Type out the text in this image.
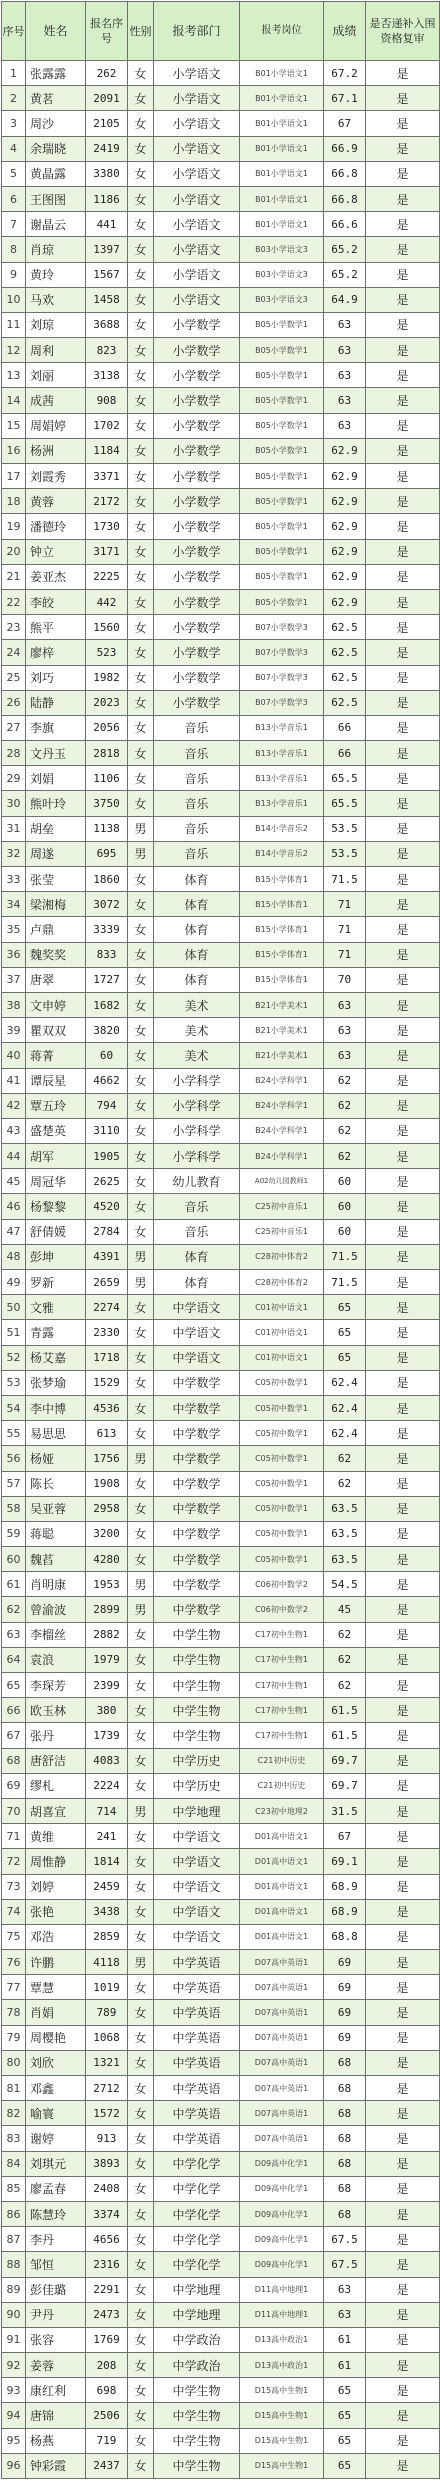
序号	姓名	报名序号	性别	报考部门	报考岗位	成绩	是否递补入围资格复审
1	张露露	262	女	小学语文	B01小学语文1	67.2	是
2	黄茗	2091	女	小学语文	B01小学语文1	67.1	是
3	周沙	2105	女	小学语文	B01小学语文1	67	是
4	余瑞晓	2419	女	小学语文	B01小学语文1	66.9	是
5	黄晶露	3380	女	小学语文	B01小学语文1	66.8	是
6	王图图	1186	女	小学语文	B01小学语文1	66.8	是
7	谢晶云	441	女	小学语文	B01小学语文1	66.6	是
8	肖琼	1397	女	小学语文	B03小学语文3	65.2	是
9	黄玲	1567	女	小学语文	B03小学语文3	65.2	是
10	马欢	1458	女	小学语文	B03小学语文3	64.9	是
11	刘琼	3688	女	小学数学	B05小学数学1	63	是
12	周利	823	女	小学数学	B05小学数学1	63	是
13	刘丽	3138	女	小学数学	B05小学数学1	63	是
14	成茜	908	女	小学数学	B05小学数学1	63	是
15	周娟婷	1702	女	小学数学	B05小学数学1	63	是
16	杨洲	1184	女	小学数学	B05小学数学1	62.9	是
17	刘霞秀	3371	女	小学数学	B05小学数学1	62.9	是
18	黄蓉	2172	女	小学数学	B05小学数学1	62.9	是
19	潘德玲	1730	女	小学数学	B05小学数学1	62.9	是
20	钟立	3171	女	小学数学	B05小学数学1	62.9	是
21	姜亚杰	2225	女	小学数学	B05小学数学1	62.9	是
22	李皎	442	女	小学数学	B05小学数学1	62.9	是
23	熊平	1560	女	小学数学	B07小学数学3	62.5	是
24	廖梓	523	女	小学数学	B07小学数学3	62.5	是
25	刘巧	1982	女	小学数学	B07小学数学3	62.5	是
26	陆静	2023	女	小学数学	B07小学数学3	62.5	是
27	李旗	2056	女	音乐	B13小学音乐1	66	是
28	文丹玉	2818	女	音乐	B13小学音乐1	66	是
29	刘娟	1106	女	音乐	B13小学音乐1	65.5	是
30	熊叶玲	3750	女	音乐	B13小学音乐1	65.5	是
31	胡垒	1138	男	音乐	B14小学音乐2	53.5	是
32	周遂	695	男	音乐	B14小学音乐2	53.5	是
33	张莹	1860	女	体育	B15小学体育1	71.5	是
34	梁湘梅	3072	女	体育	B15小学体育1	71	是
35	卢鼎	3339	女	体育	B15小学体育1	71	是
36	魏奖奖	833	女	体育	B15小学体育1	71	是
37	唐翠	1727	女	体育	B15小学体育1	70	是
38	文申婷	1682	女	美术	B21小学美术1	63	是
39	瞿双双	3820	女	美术	B21小学美术1	63	是
40	蒋菁	60	女	美术	B21小学美术1	63	是
41	谭辰星	4662	女	小学科学	B24小学科学1	62	是
42	覃五玲	794	女	小学科学	B24小学科学1	62	是
43	盛楚英	3110	女	小学科学	B24小学科学1	62	是
44	胡军	1905	女	小学科学	B24小学科学1	62	是
45	周冠华	2625	女	幼儿教育	A02幼儿园教师1	60	是
46	杨黎黎	4520	女	音乐	C25初中音乐1	60	是
47	舒倩媛	2784	女	音乐	C25初中音乐1	60	是
48	彭坤	4391	男	体育	C28初中体育2	71.5	是
49	罗新	2659	男	体育	C28初中体育2	71.5	是
50	文雅	2274	女	中学语文	C01初中语文1	65	是
51	青露	2330	女	中学语文	C01初中语文1	65	是
52	杨艾嘉	1718	女	中学语文	C01初中语文1	65	是
53	张梦瑜	1529	女	中学数学	C05初中数学1	62.4	是
54	李中博	4536	女	中学数学	C05初中数学1	62.4	是
55	易思思	613	女	中学数学	C05初中数学1	62.4	是
56	杨娅	1756	男	中学数学	C05初中数学1	62	是
57	陈长	1908	女	中学数学	C05初中数学1	62	是
58	吴亚蓉	2958	女	中学数学	C05初中数学1	63.5	是
59	蒋聪	3200	女	中学数学	C05初中数学1	63.5	是
60	魏萏	4280	女	中学数学	C05初中数学1	63.5	是
61	肖明康	1953	男	中学数学	C06初中数学2	54.5	是
62	曾渝波	2899	男	中学数学	C06初中数学2	45	是
63	李榴丝	2882	女	中学生物	C17初中生物1	62	是
64	袁浪	1979	女	中学生物	C17初中生物1	62	是
65	李琛芳	2399	女	中学生物	C17初中生物1	62	是
66	欧玉林	380	女	中学生物	C17初中生物1	61.5	是
67	张丹	1739	女	中学生物	C17初中生物1	61.5	是
68	唐舒洁	4083	女	中学历史	C21初中历史	69.7	是
69	缪札	2224	女	中学历史	C21初中历史	69.7	是
70	胡喜宣	714	男	中学地理	C23初中地理2	31.5	是
71	黄维	241	女	中学语文	D01高中语文1	67	是
72	周惟静	1814	女	中学语文	D01高中语文1	69.1	是
73	刘婷	2459	女	中学语文	D01高中语文1	68.9	是
74	张艳	3438	女	中学语文	D01高中语文1	68.9	是
75	邓浩	2859	女	中学语文	D01高中语文1	68.8	是
76	许鹏	4118	男	中学英语	D07高中英语1	69	是
77	覃慧	1019	女	中学英语	D07高中英语1	69	是
78	肖娟	789	女	中学英语	D07高中英语1	69	是
79	周樱艳	1068	女	中学英语	D07高中英语1	69	是
80	刘欣	1321	女	中学英语	D07高中英语1	68	是
81	邓鑫	2712	女	中学英语	D07高中英语1	68	是
82	喻寰	1572	女	中学英语	D07高中英语1	68	是
83	谢婷	913	女	中学英语	D07高中英语1	68	是
84	刘琪元	3893	女	中学化学	D09高中化学1	68	是
85	廖孟春	2408	女	中学化学	D09高中化学1	68	是
86	陈慧玲	3374	女	中学化学	D09高中化学1	68	是
87	李丹	4656	女	中学化学	D09高中化学1	67.5	是
88	邹恒	2316	女	中学化学	D09高中化学1	67.5	是
89	彭佳璐	2291	女	中学地理	D11高中地理1	63	是
90	尹丹	2473	女	中学地理	D11高中地理1	63	是
91	张容	1769	女	中学政治	D13高中政治1	61	是
92	姜蓉	208	女	中学政治	D13高中政治1	61	是
93	康红利	698	女	中学生物	D15高中生物1	65	是
94	唐锦	2506	女	中学生物	D15高中生物1	65	是
95	杨燕	719	女	中学生物	D15高中生物1	65	是
96	钟彩霞	2437	女	中学生物	D15高中生物1	65	是
